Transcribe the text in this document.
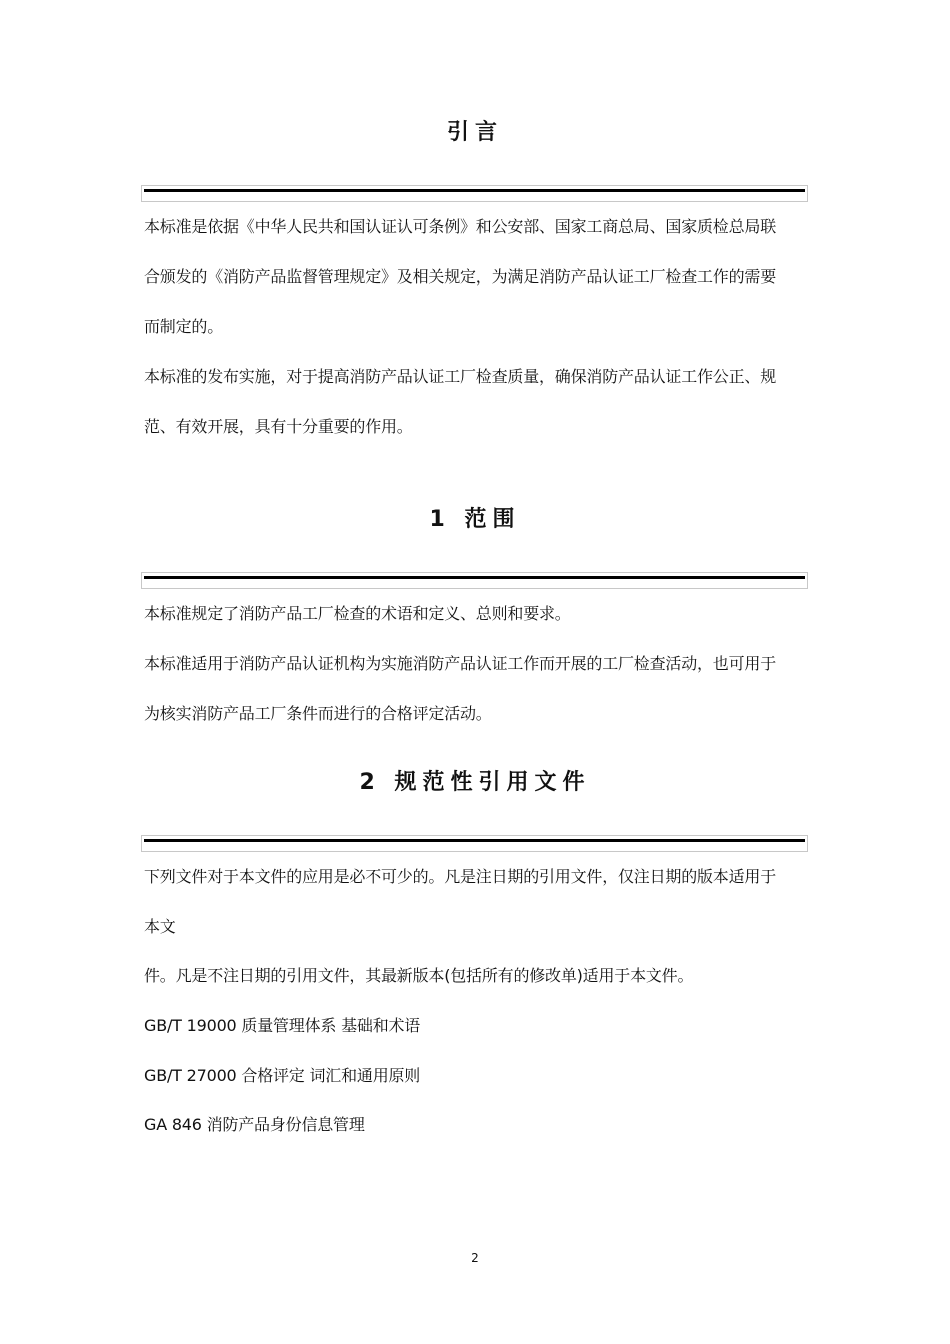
引言
本标准是依据《中华人民共和国认证认可条例》和公安部、国家工商总局、国家质检总局联
合颁发的《消防产品监督管理规定》及相关规定，为满足消防产品认证工厂检查工作的需要
而制定的。
本标准的发布实施，对于提高消防产品认证工厂检查质量，确保消防产品认证工作公正、规
范、有效开展，具有十分重要的作用。
1 范围
本标准规定了消防产品工厂检查的术语和定义、总则和要求。
本标准适用于消防产品认证机构为实施消防产品认证工作而开展的工厂检查活动，也可用于
为核实消防产品工厂条件而进行的合格评定活动。
2 规范性引用文件
下列文件对于本文件的应用是必不可少的。凡是注日期的引用文件，仅注日期的版本适用于
本文
件。凡是不注日期的引用文件，其最新版本(包括所有的修改单)适用于本文件。
GB/T 19000 质量管理体系 基础和术语
GB/T 27000 合格评定 词汇和通用原则
GA 846 消防产品身份信息管理
2
